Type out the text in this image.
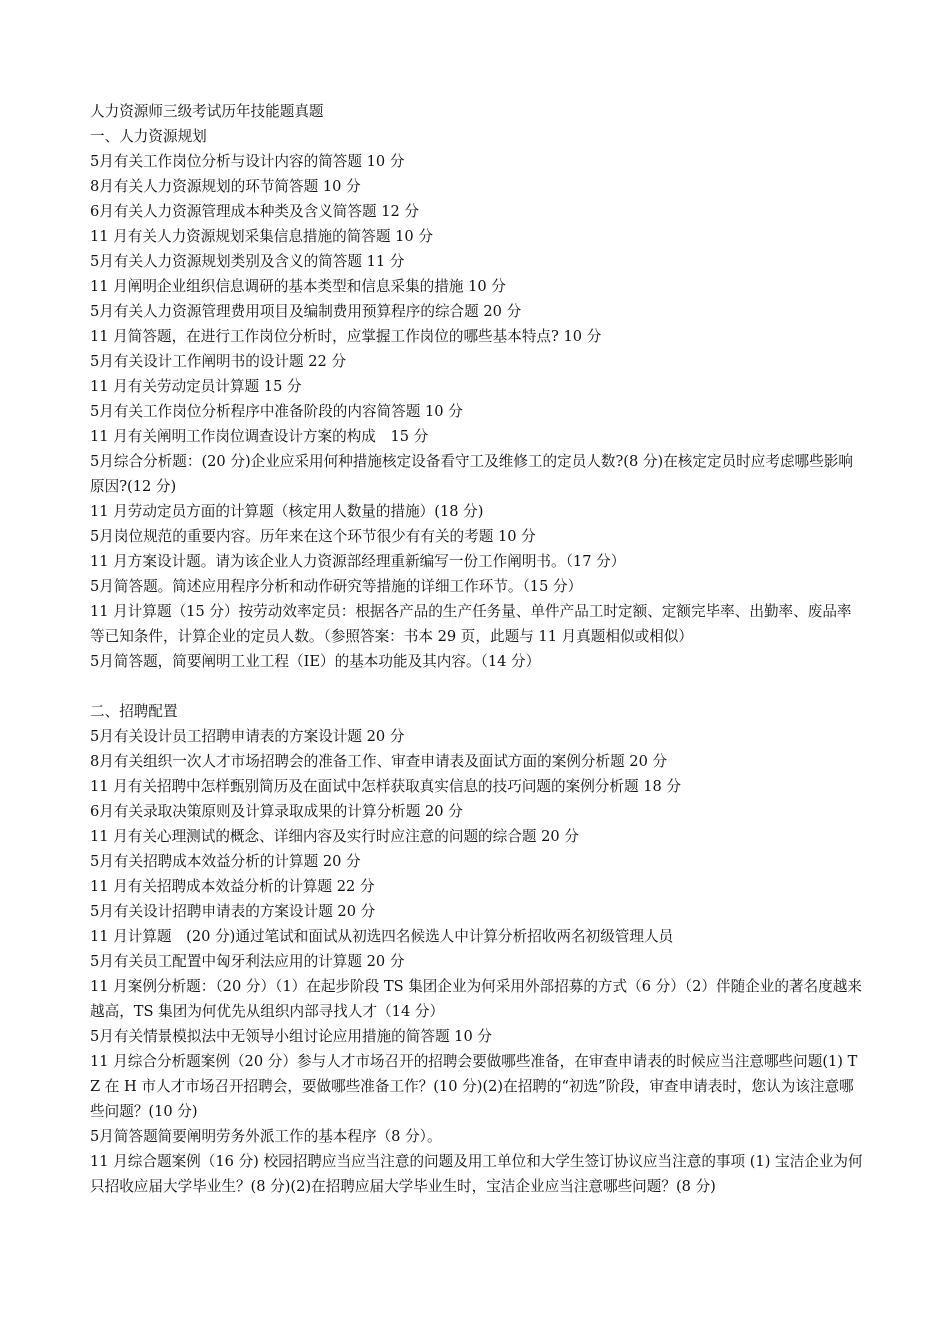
人力资源师三级考试历年技能题真题

一、人力资源规划

5月有关工作岗位分析与设计内容的简答题 10 分

8月有关人力资源规划的环节简答题 10 分

6月有关人力资源管理成本种类及含义简答题 12 分

11 月有关人力资源规划采集信息措施的简答题 10 分

5月有关人力资源规划类别及含义的简答题 11 分

11 月阐明企业组织信息调研的基本类型和信息采集的措施 10 分

5月有关人力资源管理费用项目及编制费用预算程序的综合题 20 分

11 月简答题，在进行工作岗位分析时，应掌握工作岗位的哪些基本特点? 10 分

5月有关设计工作阐明书的设计题 22 分

11 月有关劳动定员计算题 15 分

5月有关工作岗位分析程序中准备阶段的内容简答题 10 分

11 月有关阐明工作岗位调查设计方案的构成　15 分

5月综合分析题：(20 分)企业应采用何种措施核定设备看守工及维修工的定员人数?(8 分)在核定定员时应考虑哪些影响原因?(12 分)

11 月劳动定员方面的计算题（核定用人数量的措施）(18 分)

5月岗位规范的重要内容。历年来在这个环节很少有有关的考题 10 分

11 月方案设计题。请为该企业人力资源部经理重新编写一份工作阐明书。（17 分）

5月简答题。简述应用程序分析和动作研究等措施的详细工作环节。（15 分）

11 月计算题（15 分）按劳动效率定员：根据各产品的生产任务量、单件产品工时定额、定额完毕率、出勤率、废品率等已知条件，计算企业的定员人数。（参照答案：书本 29 页，此题与 11 月真题相似或相似）

5月简答题，简要阐明工业工程（IE）的基本功能及其内容。（14 分）

二、招聘配置

5月有关设计员工招聘申请表的方案设计题 20 分

8月有关组织一次人才市场招聘会的准备工作、审查申请表及面试方面的案例分析题 20 分

11 月有关招聘中怎样甄别简历及在面试中怎样获取真实信息的技巧问题的案例分析题 18 分

6月有关录取决策原则及计算录取成果的计算分析题 20 分

11 月有关心理测试的概念、详细内容及实行时应注意的问题的综合题 20 分

5月有关招聘成本效益分析的计算题 20 分

11 月有关招聘成本效益分析的计算题 22 分

5月有关设计招聘申请表的方案设计题 20 分

11 月计算题　(20 分)通过笔试和面试从初选四名候选人中计算分析招收两名初级管理人员

5月有关员工配置中匈牙利法应用的计算题 20 分

11 月案例分析题：（20 分）（1）在起步阶段 TS 集团企业为何采用外部招募的方式（6 分）（2）伴随企业的著名度越来越高，TS 集团为何优先从组织内部寻找人才（14 分）

5月有关情景模拟法中无领导小组讨论应用措施的简答题 10 分

11 月综合分析题案例（20 分）参与人才市场召开的招聘会要做哪些准备，在审查申请表的时候应当注意哪些问题(1) TZ 在 H 市人才市场召开招聘会，要做哪些准备工作？(10 分)(2)在招聘的“初选”阶段，审查申请表时，您认为该注意哪些问题？(10 分)

5月简答题简要阐明劳务外派工作的基本程序（8 分）。

11 月综合题案例（16 分) 校园招聘应当应当注意的问题及用工单位和大学生签订协议应当注意的事项 (1) 宝洁企业为何只招收应届大学毕业生？(8 分)(2)在招聘应届大学毕业生时，宝洁企业应当注意哪些问题？(8 分)
